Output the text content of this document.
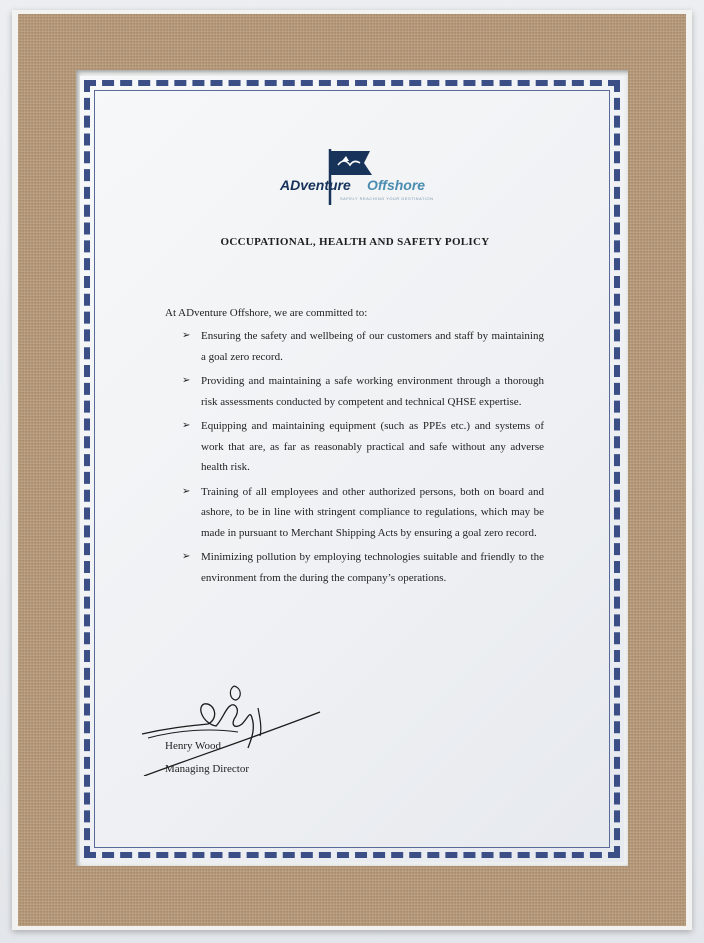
ADventure Offshore
SAFELY REACHING YOUR DESTINATION
OCCUPATIONAL, HEALTH AND SAFETY POLICY
At ADventure Offshore, we are committed to:
➢ Ensuring the safety and wellbeing of our customers and staff by maintaining a goal zero record.
➢ Providing and maintaining a safe working environment through a thorough risk assessments conducted by competent and technical QHSE expertise.
➢ Equipping and maintaining equipment (such as PPEs etc.) and systems of work that are, as far as reasonably practical and safe without any adverse health risk.
➢ Training of all employees and other authorized persons, both on board and ashore, to be in line with stringent compliance to regulations, which may be made in pursuant to Merchant Shipping Acts by ensuring a goal zero record.
➢ Minimizing pollution by employing technologies suitable and friendly to the environment from the during the company’s operations.
Henry Wood
Managing Director
